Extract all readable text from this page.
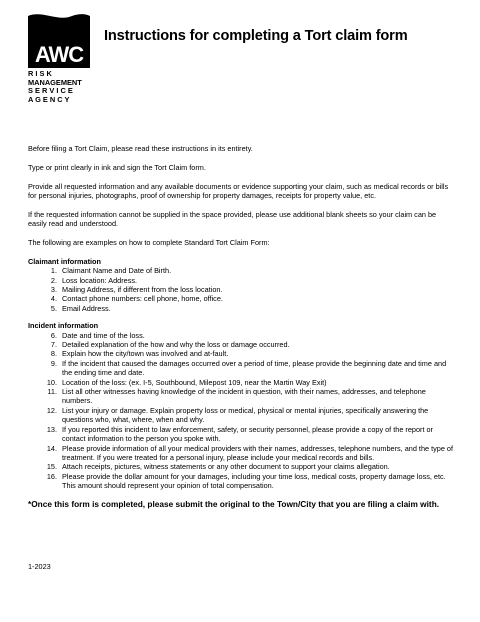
AWC
R I S K
MANAGEMENT
S E R V I C E
A G E N C Y
Instructions for completing a Tort claim form

Before filing a Tort Claim, please read these instructions in its entirety.

Type or print clearly in ink and sign the Tort Claim form.

Provide all requested information and any available documents or evidence supporting your claim, such as medical records or bills for personal injuries, photographs, proof of ownership for property damages, receipts for property value, etc.

If the requested information cannot be supplied in the space provided, please use additional blank sheets so your claim can be easily read and understood.

The following are examples on how to complete Standard Tort Claim Form:

Claimant information
1. Claimant Name and Date of Birth.
2. Loss location: Address.
3. Mailing Address, if different from the loss location.
4. Contact phone numbers: cell phone, home, office.
5. Email Address.
Incident information
6. Date and time of the loss.
7. Detailed explanation of the how and why the loss or damage occurred.
8. Explain how the city/town was involved and at-fault.
9. If the incident that caused the damages occurred over a period of time, please provide the beginning date and time and the ending time and date.
10. Location of the loss: (ex. I-5, Southbound, Milepost 109, near the Martin Way Exit)
11. List all other witnesses having knowledge of the incident in question, with their names, addresses, and telephone numbers.
12. List your injury or damage. Explain property loss or medical, physical or mental injuries, specifically answering the questions who, what, where, when and why.
13. If you reported this incident to law enforcement, safety, or security personnel, please provide a copy of the report or contact information to the person you spoke with.
14. Please provide information of all your medical providers with their names, addresses, telephone numbers, and the type of treatment. If you were treated for a personal injury, please include your medical records and bills.
15. Attach receipts, pictures, witness statements or any other document to support your claims allegation.
16. Please provide the dollar amount for your damages, including your time loss, medical costs, property damage loss, etc. This amount should represent your opinion of total compensation.
*Once this form is completed, please submit the original to the Town/City that you are filing a claim with.
1-2023
